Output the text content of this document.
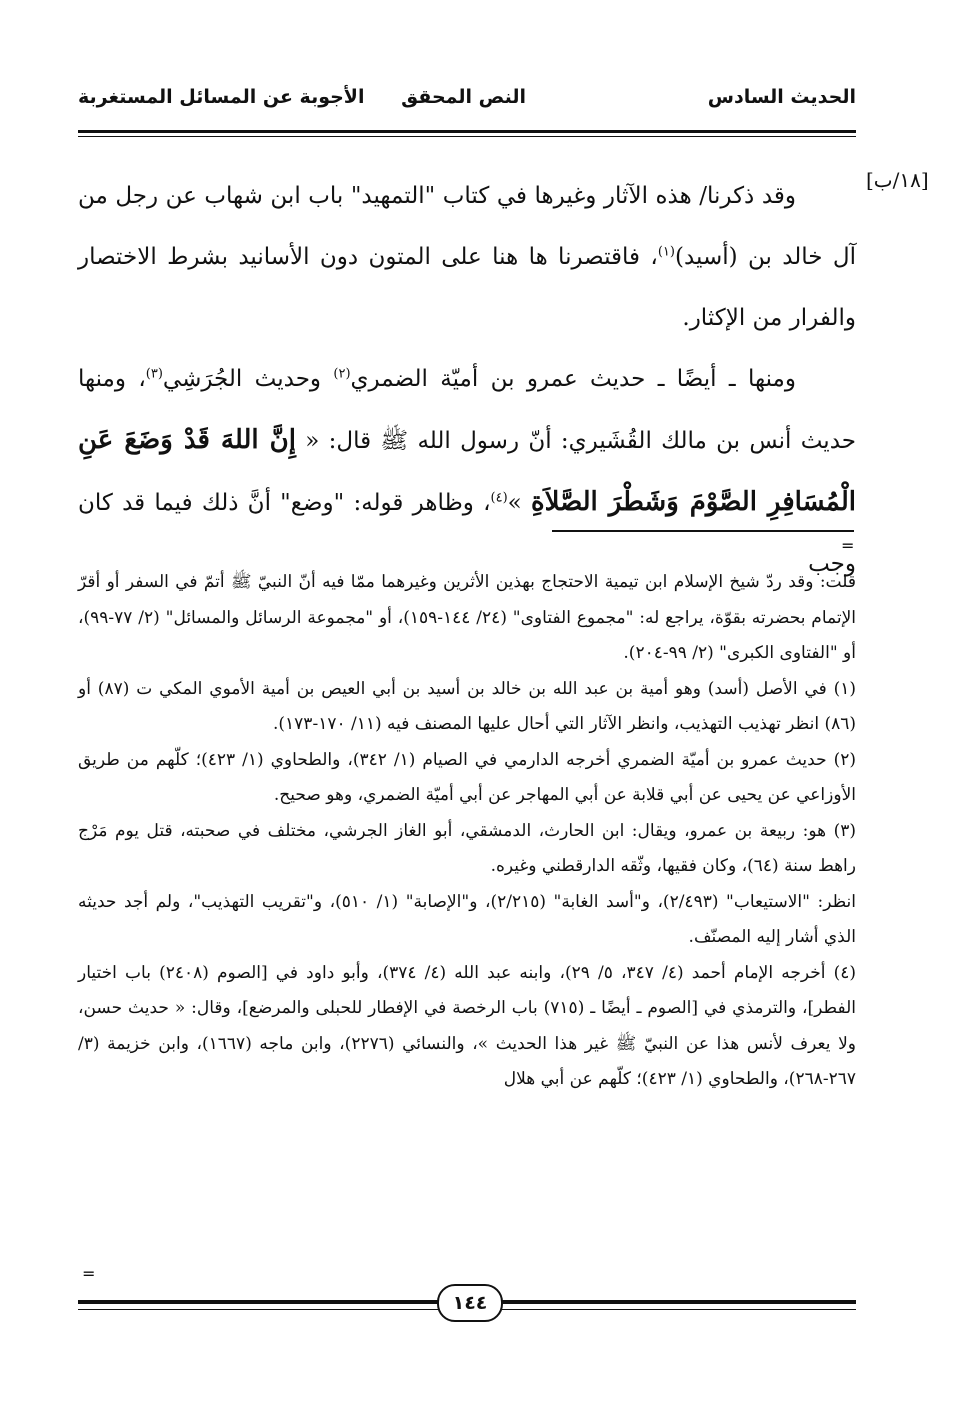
الحديث السادس
النص المحقق
الأجوبة عن المسائل المستغربة
[١٨/ب]

وقد ذكرنا/ هذه الآثار وغيرها في كتاب "التمهيد" باب ابن شهاب عن رجل من آل خالد بن (أسيد)$^{(١)}$، فاقتصرنا ها هنا على المتون دون الأسانيد بشرط الاختصار والفرار من الإكثار.

ومنها ـ أيضًا ـ حديث عمرو بن أميّة الضمري$^{(٢)}$ وحديث الجُرَشِي$^{(٣)}$، ومنها حديث أنس بن مالك القُشَيري: أنّ رسول الله ﷺ قال: « إِنَّ اللهَ قَدْ وَضَعَ عَنِ الْمُسَافِرِ الصَّوْمَ وَشَطْرَ الصَّلاَةِ »$^{(٤)}$، وظاهر قوله: "وضع" أنَّ ذلك فيما قد كان وجب

=

قلت: وقد ردّ شيخ الإسلام ابن تيمية الاحتجاج بهذين الأثرين وغيرهما ممّا فيه أنّ النبيّ ﷺ أتمّ في السفر أو أقرّ الإتمام بحضرته بقوّة، يراجع له: "مجموع الفتاوى" (٢٤/ ١٤٤-١٥٩)، أو "مجموعة الرسائل والمسائل" (٢/ ٧٧-٩٩)، أو "الفتاوى الكبرى" (٢/ ٩٩-٢٠٤).

(١) في الأصل (أسد) وهو أمية بن عبد الله بن خالد بن أسيد بن أبي العيص بن أمية الأموي المكي ت (٨٧) أو (٨٦) انظر تهذيب التهذيب، وانظر الآثار التي أحال عليها المصنف فيه (١١/ ١٧٠-١٧٣).

(٢) حديث عمرو بن أميّة الضمري أخرجه الدارمي في الصيام (١/ ٣٤٢)، والطحاوي (١/ ٤٢٣)؛ كلّهم من طريق الأوزاعي عن يحيى عن أبي قلابة عن أبي المهاجر عن أبي أميّة الضمري، وهو صحيح.

(٣) هو: ربيعة بن عمرو، ويقال: ابن الحارث، الدمشقي، أبو الغاز الجرشي، مختلف في صحبته، قتل يوم مَرْج راهط سنة (٦٤)، وكان فقيها، وثّقه الدارقطني وغيره.

انظر: "الاستيعاب" (٢/٤٩٣)، و"أسد الغابة" (٢/٢١٥)، و"الإصابة" (١/ ٥١٠)، و"تقريب التهذيب"، ولم أجد حديثه الذي أشار إليه المصنّف.

(٤) أخرجه الإمام أحمد (٤/ ٣٤٧، ٥/ ٢٩)، وابنه عبد الله (٤/ ٣٧٤)، وأبو داود في [الصوم (٢٤٠٨) باب اختيار الفطر]، والترمذي في [الصوم ـ أيضًا ـ (٧١٥) باب الرخصة في الإفطار للحبلى والمرضع]، وقال: « حديث حسن، ولا يعرف لأنس هذا عن النبيّ ﷺ غير هذا الحديث »، والنسائي (٢٢٧٦)، وابن ماجه (١٦٦٧)، وابن خزيمة (٣/ ٢٦٧-٢٦٨)، والطحاوي (١/ ٤٢٣)؛ كلّهم عن أبي هلال

=
١٤٤
